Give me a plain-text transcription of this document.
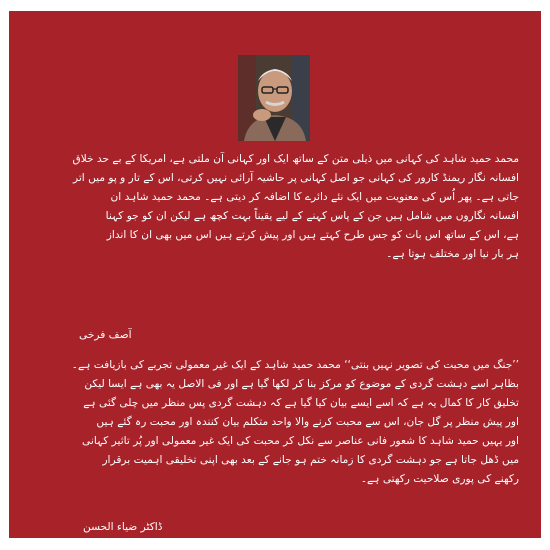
محمد حمید شاہد کی کہانی میں ذیلی متن کے ساتھ ایک اور کہانی آن ملتی ہے، امریکا کے بے حد خلاق
افسانہ نگار ریمنڈ کارور کی کہانی جو اصل کہانی پر حاشیہ آرائی نہیں کرتی، اس کے تار و پو میں اتر
جاتی ہے۔ پھر اُس کی معنویت میں ایک نئے دائرے کا اضافہ کر دیتی ہے۔ محمد حمید شاہد ان
افسانہ نگاروں میں شامل ہیں جن کے پاس کہنے کے لیے یقیناً بہت کچھ ہے لیکن ان کو جو کہنا
ہے، اس کے ساتھ اس بات کو جس طرح کہتے ہیں اور پیش کرتے ہیں اس میں بھی ان کا انداز
ہر بار نیا اور مختلف ہوتا ہے۔
آصف فرخی
’’جنگ میں محبت کی تصویر نہیں بنتی‘‘ محمد حمید شاہد کے ایک غیر معمولی تجربے کی بازیافت ہے۔
بظاہر اسے دہشت گردی کے موضوع کو مرکز بنا کر لکھا گیا ہے اور فی الاصل یہ بھی ہے ایسا لیکن
تخلیق کار کا کمال یہ ہے کہ اسے ایسے بیان کیا گیا ہے کہ دہشت گردی پس منظر میں چلی گئی ہے
اور پیش منظر پر گل جان، اس سے محبت کرنے والا واحد متکلم بیان کنندہ اور محبت رہ گئے ہیں
اور یہیں حمید شاہد کا شعور فانی عناصر سے نکل کر محبت کی ایک غیر معمولی اور پُر تاثیر کہانی
میں ڈھل جاتا ہے جو دہشت گردی کا زمانہ ختم ہو جانے کے بعد بھی اپنی تخلیقی اہمیت برقرار
رکھنے کی پوری صلاحیت رکھتی ہے۔
ڈاکٹر ضیاء الحسن
